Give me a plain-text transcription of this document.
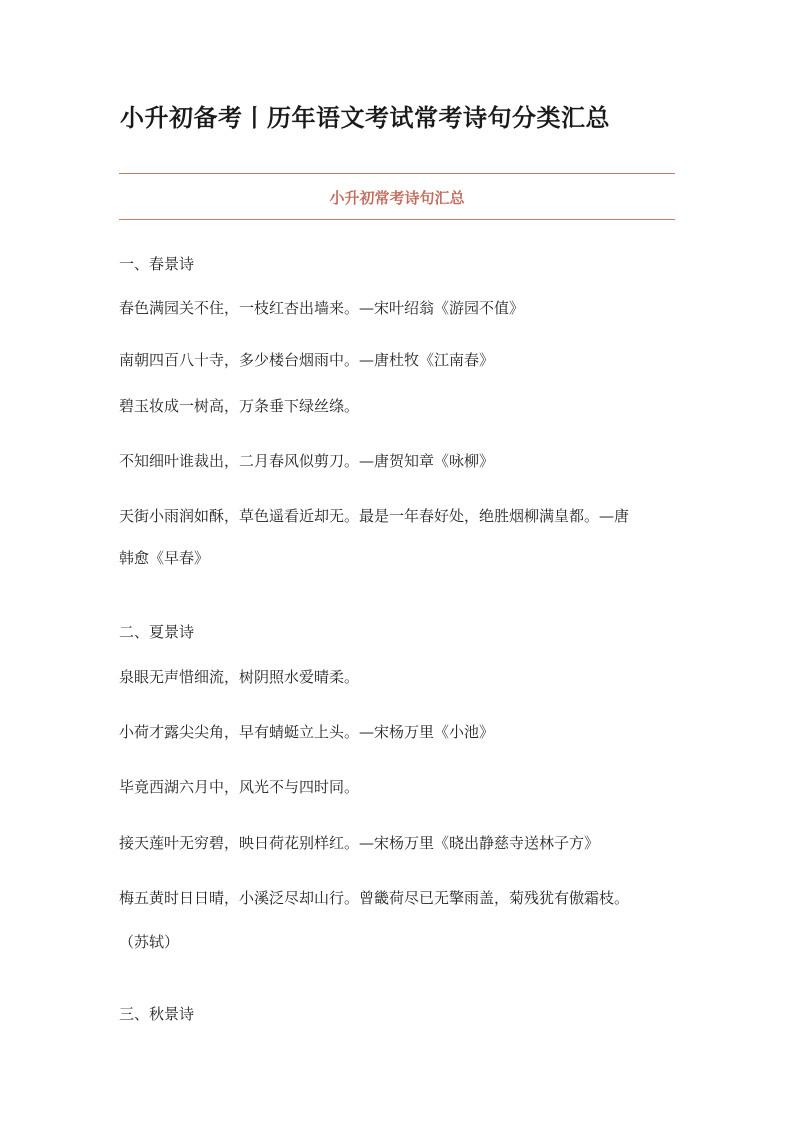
小升初备考丨历年语文考试常考诗句分类汇总
小升初常考诗句汇总
一、春景诗
春色满园关不住，一枝红杏出墙来。—宋叶绍翁《游园不值》
南朝四百八十寺，多少楼台烟雨中。—唐杜牧《江南春》
碧玉妆成一树高，万条垂下绿丝绦。
不知细叶谁裁出，二月春风似剪刀。—唐贺知章《咏柳》
天街小雨润如酥，草色遥看近却无。最是一年春好处，绝胜烟柳满皇都。—唐
韩愈《早春》
二、夏景诗
泉眼无声惜细流，树阴照水爱晴柔。
小荷才露尖尖角，早有蜻蜓立上头。—宋杨万里《小池》
毕竟西湖六月中，风光不与四时同。
接天莲叶无穷碧，映日荷花别样红。—宋杨万里《晓出静慈寺送林子方》
梅五黄时日日晴，小溪泛尽却山行。曾畿荷尽已无擎雨盖，菊残犹有傲霜枝。
（苏轼）
三、秋景诗
